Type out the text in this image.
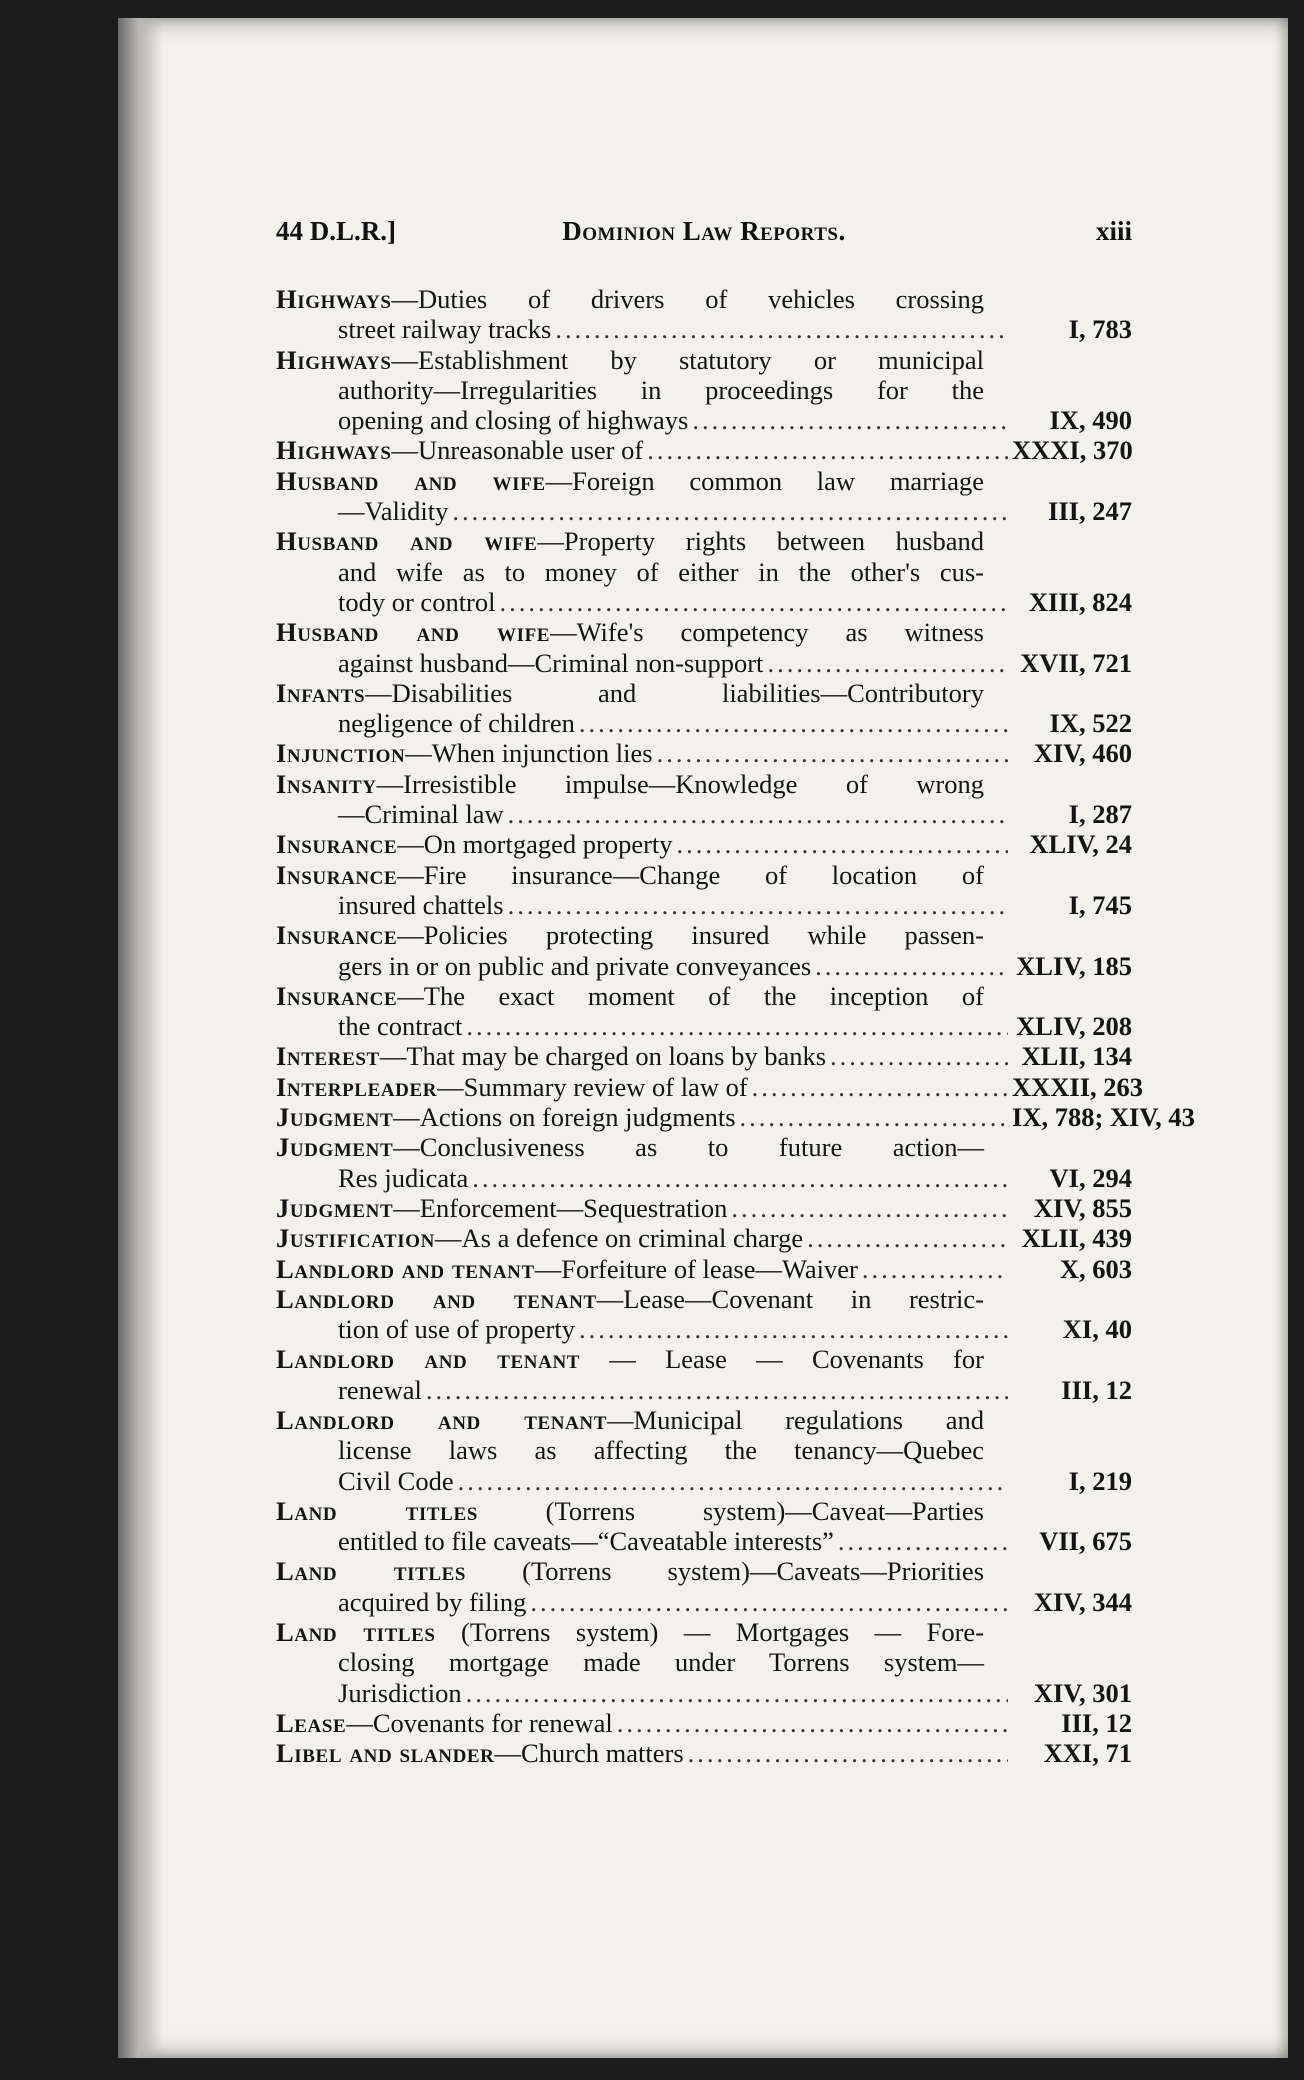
44 D.L.R.]	Dominion Law Reports.	xiii
Highways—Duties of drivers of vehicles crossing
street railway tracks .....	I, 783
Highways—Establishment by statutory or municipal
authority—Irregularities in proceedings for the
opening and closing of highways .....	IX, 490
Highways—Unreasonable user of .....	XXXI, 370
Husband and wife—Foreign common law marriage
—Validity .....	III, 247
Husband and wife—Property rights between husband
and wife as to money of either in the other's cus-
tody or control .....	XIII, 824
Husband and wife—Wife's competency as witness
against husband—Criminal non-support .....	XVII, 721
Infants—Disabilities and liabilities—Contributory
negligence of children .....	IX, 522
Injunction—When injunction lies .....	XIV, 460
Insanity—Irresistible impulse—Knowledge of wrong
—Criminal law .....	I, 287
Insurance—On mortgaged property .....	XLIV, 24
Insurance—Fire insurance—Change of location of
insured chattels .....	I, 745
Insurance—Policies protecting insured while passen-
gers in or on public and private conveyances .....	XLIV, 185
Insurance—The exact moment of the inception of
the contract .....	XLIV, 208
Interest—That may be charged on loans by banks .....	XLII, 134
Interpleader—Summary review of law of .....	XXXII, 263
Judgment—Actions on foreign judgments .....	IX, 788; XIV, 43
Judgment—Conclusiveness as to future action—
Res judicata .....	VI, 294
Judgment—Enforcement—Sequestration .....	XIV, 855
Justification—As a defence on criminal charge .....	XLII, 439
Landlord and tenant—Forfeiture of lease—Waiver .....	X, 603
Landlord and tenant—Lease—Covenant in restric-
tion of use of property .....	XI, 40
Landlord and tenant — Lease — Covenants for
renewal .....	III, 12
Landlord and tenant—Municipal regulations and
license laws as affecting the tenancy—Quebec
Civil Code .....	I, 219
Land titles (Torrens system)—Caveat—Parties
entitled to file caveats—“Caveatable interests” .....	VII, 675
Land titles (Torrens system)—Caveats—Priorities
acquired by filing .....	XIV, 344
Land titles (Torrens system) — Mortgages — Fore-
closing mortgage made under Torrens system—
Jurisdiction .....	XIV, 301
Lease—Covenants for renewal .....	III, 12
Libel and slander—Church matters .....	XXI, 71
